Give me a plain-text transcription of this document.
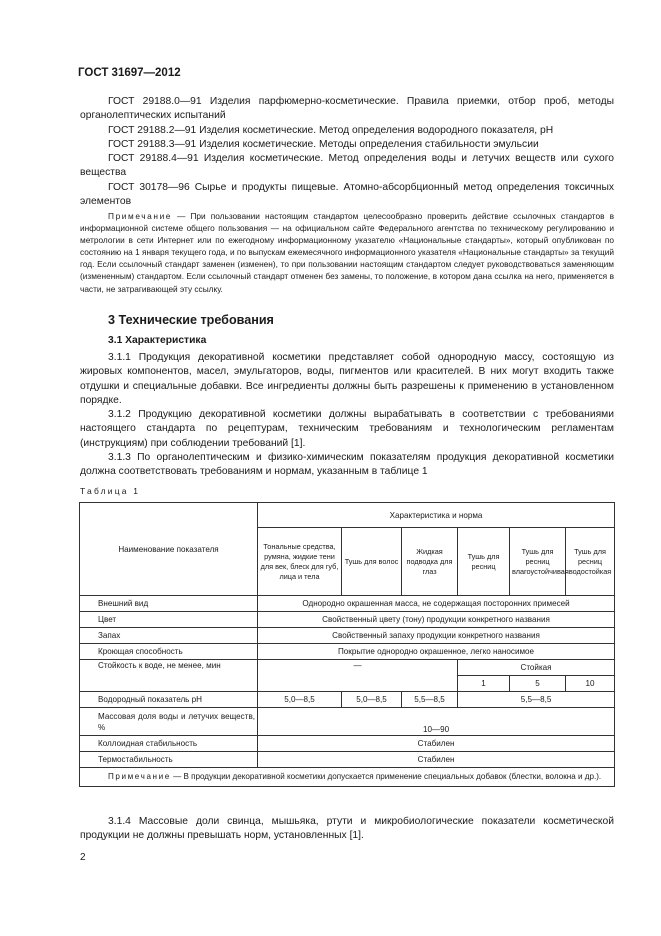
ГОСТ 31697—2012

ГОСТ 29188.0—91 Изделия парфюмерно-косметические. Правила приемки, отбор проб, методы органолептических испытаний

ГОСТ 29188.2—91 Изделия косметические. Метод определения водородного показателя, pH

ГОСТ 29188.3—91 Изделия косметические. Методы определения стабильности эмульсии

ГОСТ 29188.4—91 Изделия косметические. Метод определения воды и летучих веществ или сухого вещества

ГОСТ 30178—96 Сырье и продукты пищевые. Атомно-абсорбционный метод определения токсичных элементов

Примечание — При пользовании настоящим стандартом целесообразно проверить действие ссылочных стандартов в информационной системе общего пользования — на официальном сайте Федерального агентства по техническому регулированию и метрологии в сети Интернет или по ежегодному информационному указателю «Национальные стандарты», который опубликован по состоянию на 1 января текущего года, и по выпускам ежемесячного информационного указателя «Национальные стандарты» за текущий год. Если ссылочный стандарт заменен (изменен), то при пользовании настоящим стандартом следует руководствоваться заменяющим (измененным) стандартом. Если ссылочный стандарт отменен без замены, то положение, в котором дана ссылка на него, применяется в части, не затрагивающей эту ссылку.

3 Технические требования
3.1 Характеристика

3.1.1 Продукция декоративной косметики представляет собой однородную массу, состоящую из жировых компонентов, масел, эмульгаторов, воды, пигментов или красителей. В них могут входить также отдушки и специальные добавки. Все ингредиенты должны быть разрешены к применению в установленном порядке.

3.1.2 Продукцию декоративной косметики должны вырабатывать в соответствии с требованиями настоящего стандарта по рецептурам, техническим требованиям и технологическим регламентам (инструкциям) при соблюдении требований [1].

3.1.3 По органолептическим и физико-химическим показателям продукция декоративной косметики должна соответствовать требованиям и нормам, указанным в таблице 1

Таблица 1
Наименование показателя	Характеристика и норма					
	Тональные средства, румяна, жидкие тени для век, блеск для губ, лица и тела	Тушь для волос	Жидкая подводка для глаз	Тушь для ресниц	Тушь для ресниц влагоустойчивая	Тушь для ресниц водостойкая
Внешний вид	Однородно окрашенная масса, не содержащая посторонних примесей					
Цвет	Свойственный цвету (тону) продукции конкретного названия					
Запах	Свойственный запаху продукции конкретного названия					
Кроющая способность	Покрытие однородно окрашенное, легко наносимое					
Стойкость к воде, не менее, мин	—			Стойкая		
				1	5	10
Водородный показатель pH	5,0—8,5	5,0—8,5	5,5—8,5	5,5—8,5		
Массовая доля воды и летучих веществ, %	10—90					
Коллоидная стабильность	Стабилен					
Термостабильность	Стабилен					
Примечание — В продукции декоративной косметики допускается применение специальных добавок (блестки, волокна и др.).						

3.1.4 Массовые доли свинца, мышьяка, ртути и микробиологические показатели косметической продукции не должны превышать норм, установленных [1].

2
